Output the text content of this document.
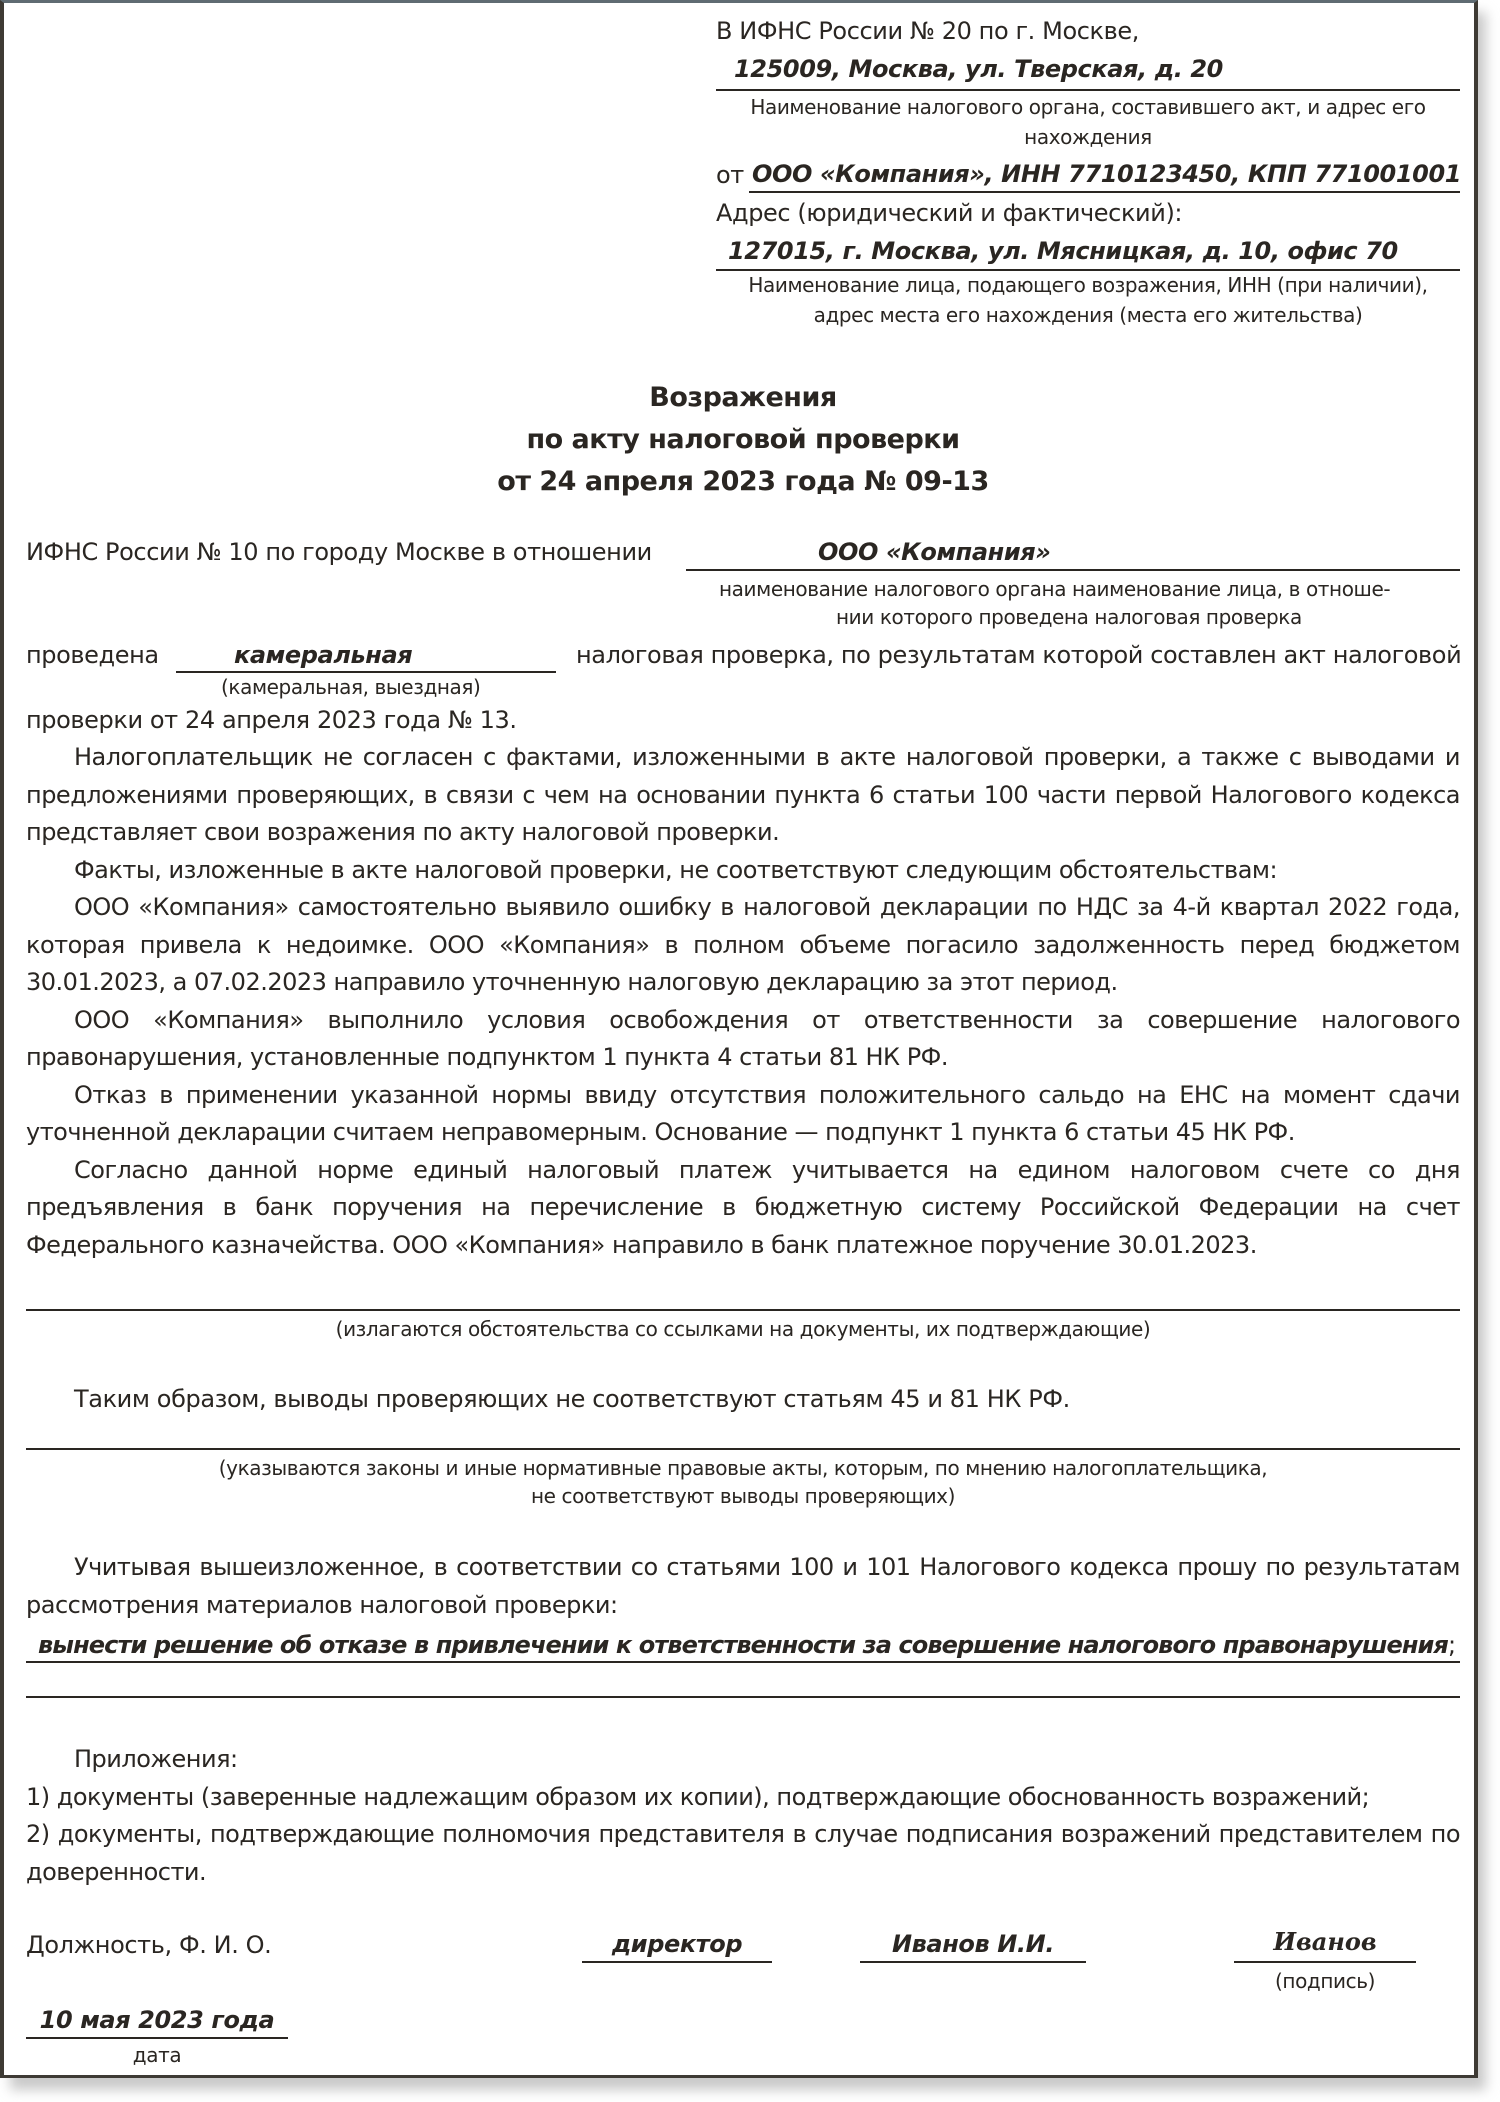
В ИФНС России № 20 по г. Москве,
125009, Москва, ул. Тверская, д. 20
Наименование налогового органа, составившего акт, и адрес его
нахождения
от ООО «Компания», ИНН 7710123450, КПП 771001001
Адрес (юридический и фактический):
127015, г. Москва, ул. Мясницкая, д. 10, офис 70
Наименование лица, подающего возражения, ИНН (при наличии),
адрес места его нахождения (места его жительства)
Возражения
по акту налоговой проверки
от 24 апреля 2023 года № 09-13
ИФНС России № 10 по городу Москве в отношении	ООО «Компания»
наименование налогового органа наименование лица, в отноше-
нии которого проведена налоговая проверка
проведена	камеральная
(камеральная, выездная)
налоговая проверка, по результатам которой составлен акт налоговой
проверки от 24 апреля 2023 года № 13.
Налогоплательщик не согласен с фактами, изложенными в акте налоговой проверки, а также с выводами и предложениями проверяющих, в связи с чем на основании пункта 6 статьи 100 части первой Налогового кодекса представляет свои возражения по акту налоговой проверки.
Факты, изложенные в акте налоговой проверки, не соответствуют следующим обстоятельствам:
ООО «Компания» самостоятельно выявило ошибку в налоговой декларации по НДС за 4-й квартал 2022 года, которая привела к недоимке. ООО «Компания» в полном объеме погасило задолженность перед бюджетом 30.01.2023, а 07.02.2023 направило уточненную налоговую декларацию за этот период.
ООО «Компания» выполнило условия освобождения от ответственности за совершение налогового правонарушения, установленные подпунктом 1 пункта 4 статьи 81 НК РФ.
Отказ в применении указанной нормы ввиду отсутствия положительного сальдо на ЕНС на момент сдачи уточненной декларации считаем неправомерным. Основание — подпункт 1 пункта 6 статьи 45 НК РФ.
Согласно данной норме единый налоговый платеж учитывается на едином налоговом счете со дня предъявления в банк поручения на перечисление в бюджетную систему Российской Федерации на счет Федерального казначейства. ООО «Компания» направило в банк платежное поручение 30.01.2023.
(излагаются обстоятельства со ссылками на документы, их подтверждающие)
Таким образом, выводы проверяющих не соответствуют статьям 45 и 81 НК РФ.
(указываются законы и иные нормативные правовые акты, которым, по мнению налогоплательщика,
не соответствуют выводы проверяющих)
Учитывая вышеизложенное, в соответствии со статьями 100 и 101 Налогового кодекса прошу по результатам рассмотрения материалов налоговой проверки:
вынести решение об отказе в привлечении к ответственности за совершение налогового правонарушения;
Приложения:
1) документы (заверенные надлежащим образом их копии), подтверждающие обоснованность возражений;
2) документы, подтверждающие полномочия представителя в случае подписания возражений представителем по доверенности.
Должность, Ф. И. О.	директор	Иванов И.И.	Иванов
(подпись)
10 мая 2023 года
дата
